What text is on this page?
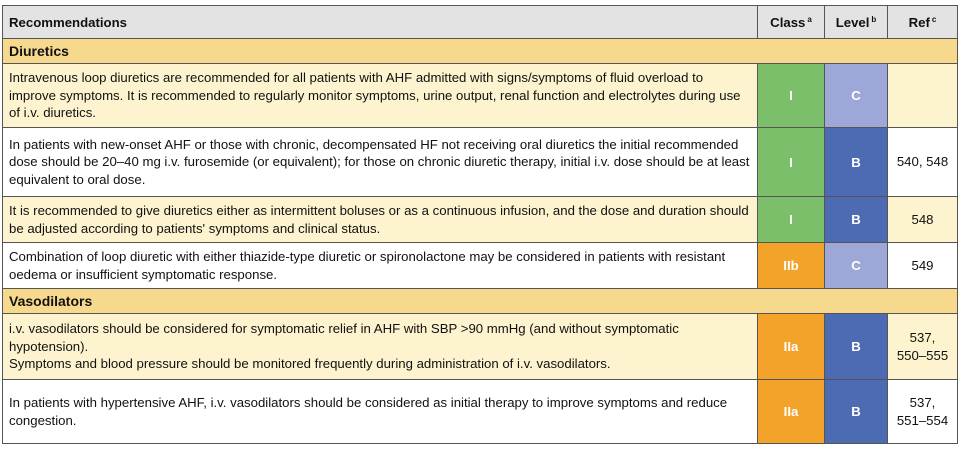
Recommendations	Class $^a$	Level $^b$	Ref $^c$
Diuretics			
Intravenous loop diuretics are recommended for all patients with AHF admitted with signs/symptoms of fluid overload to improve symptoms. It is recommended to regularly monitor symptoms, urine output, renal function and electrolytes during use of i.v. diuretics.	I	C	
In patients with new-onset AHF or those with chronic, decompensated HF not receiving oral diuretics the initial recommended dose should be 20–40 mg i.v. furosemide (or equivalent); for those on chronic diuretic therapy, initial i.v. dose should be at least equivalent to oral dose.	I	B	540, 548
It is recommended to give diuretics either as intermittent boluses or as a continuous infusion, and the dose and duration should be adjusted according to patients' symptoms and clinical status.	I	B	548
Combination of loop diuretic with either thiazide-type diuretic or spironolactone may be considered in patients with resistant oedema or insufficient symptomatic response.	IIb	C	549
Vasodilators			
i.v. vasodilators should be considered for symptomatic relief in AHF with SBP >90 mmHg (and without symptomatic hypotension).
Symptoms and blood pressure should be monitored frequently during administration of i.v. vasodilators.	IIa	B	537, 550–555
In patients with hypertensive AHF, i.v. vasodilators should be considered as initial therapy to improve symptoms and reduce congestion.	IIa	B	537, 551–554
